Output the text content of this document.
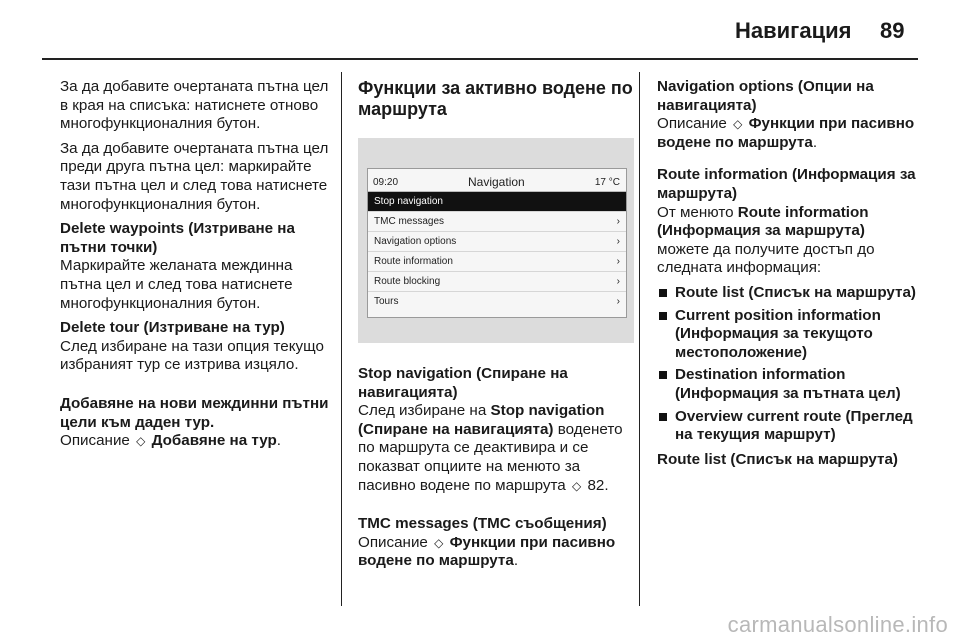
Навигация 89

За да добавите очертаната пътна цел в края на списъка: натиснете отново многофункционалния бутон.

За да добавите очертаната пътна цел преди друга пътна цел: маркирайте тази пътна цел и след това натиснете многофункционалния бутон.

Delete waypoints (Изтриване на пътни точки)
Маркирайте желаната междинна пътна цел и след това натиснете многофункционалния бутон.

Delete tour (Изтриване на тур)
След избиране на тази опция текущо избраният тур се изтрива изцяло.

Добавяне на нови междинни пътни цели към даден тур.
Описание ◇ Добавяне на тур.

Функции за активно водене по маршрута
09:20	Navigation	17 °C
Stop navigation
TMC messages	›
Navigation options	›
Route information	›
Route blocking	›
Tours	›

Stop navigation (Спиране на навигацията)
След избиране на Stop navigation (Спиране на навигацията) воденето по маршрута се деактивира и се показват опциите на менюто за пасивно водене по маршрута ◇ 82.

TMC messages (TMC съобщения)
Описание ◇ Функции при пасивно водене по маршрута.

Navigation options (Опции на навигацията)
Описание ◇ Функции при пасивно водене по маршрута.

Route information (Информация за маршрута)
От менюто Route information (Информация за маршрута) можете да получите достъп до следната информация:

Route list (Списък на маршрута)
Current position information (Информация за текущото местоположение)
Destination information (Информация за пътната цел)
Overview current route (Преглед на текущия маршрут)

Route list (Списък на маршрута)

carmanualsonline.info
